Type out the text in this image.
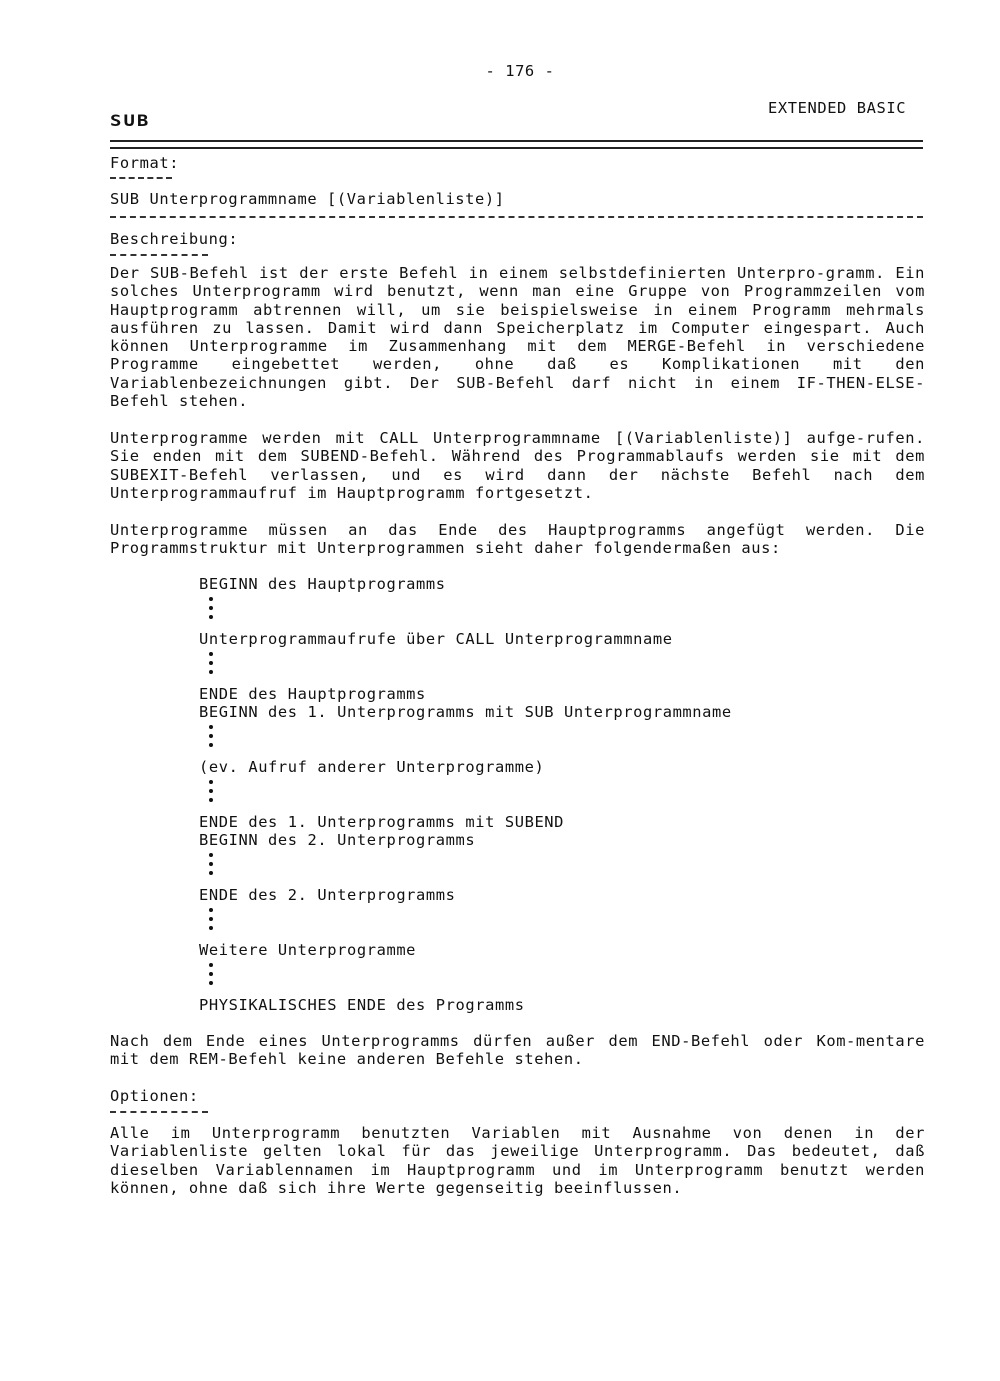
- 176 -
EXTENDED BASIC
SUB
Format:
SUB Unterprogrammname [(Variablenliste)]
Beschreibung:
Der SUB-Befehl ist der erste Befehl in einem selbstdefinierten Unterpro-gramm. Ein solches Unterprogramm wird benutzt, wenn man eine Gruppe von Programmzeilen vom Hauptprogramm abtrennen will, um sie beispielsweise in einem Programm mehrmals ausführen zu lassen. Damit wird dann Speicherplatz im Computer eingespart. Auch können Unterprogramme im Zusammenhang mit dem MERGE-Befehl in verschiedene Programme eingebettet werden, ohne daß es Komplikationen mit den Variablenbezeichnungen gibt. Der SUB-Befehl darf nicht in einem IF-THEN-ELSE-Befehl stehen.
Unterprogramme werden mit CALL Unterprogrammname [(Variablenliste)] aufge-rufen. Sie enden mit dem SUBEND-Befehl. Während des Programmablaufs werden sie mit dem SUBEXIT-Befehl verlassen, und es wird dann der nächste Befehl nach dem Unterprogrammaufruf im Hauptprogramm fortgesetzt.
Unterprogramme müssen an das Ende des Hauptprogramms angefügt werden. Die Programmstruktur mit Unterprogrammen sieht daher folgendermaßen aus:
BEGINN des Hauptprogramms
Unterprogrammaufrufe über CALL Unterprogrammname
ENDE des Hauptprogramms
BEGINN des 1. Unterprogramms mit SUB Unterprogrammname
(ev. Aufruf anderer Unterprogramme)
ENDE des 1. Unterprogramms mit SUBEND
BEGINN des 2. Unterprogramms
ENDE des 2. Unterprogramms
Weitere Unterprogramme
PHYSIKALISCHES ENDE des Programms
Nach dem Ende eines Unterprogramms dürfen außer dem END-Befehl oder Kom-mentare mit dem REM-Befehl keine anderen Befehle stehen.
Optionen:
Alle im Unterprogramm benutzten Variablen mit Ausnahme von denen in der Variablenliste gelten lokal für das jeweilige Unterprogramm. Das bedeutet, daß dieselben Variablennamen im Hauptprogramm und im Unterprogramm benutzt werden können, ohne daß sich ihre Werte gegenseitig beeinflussen.
